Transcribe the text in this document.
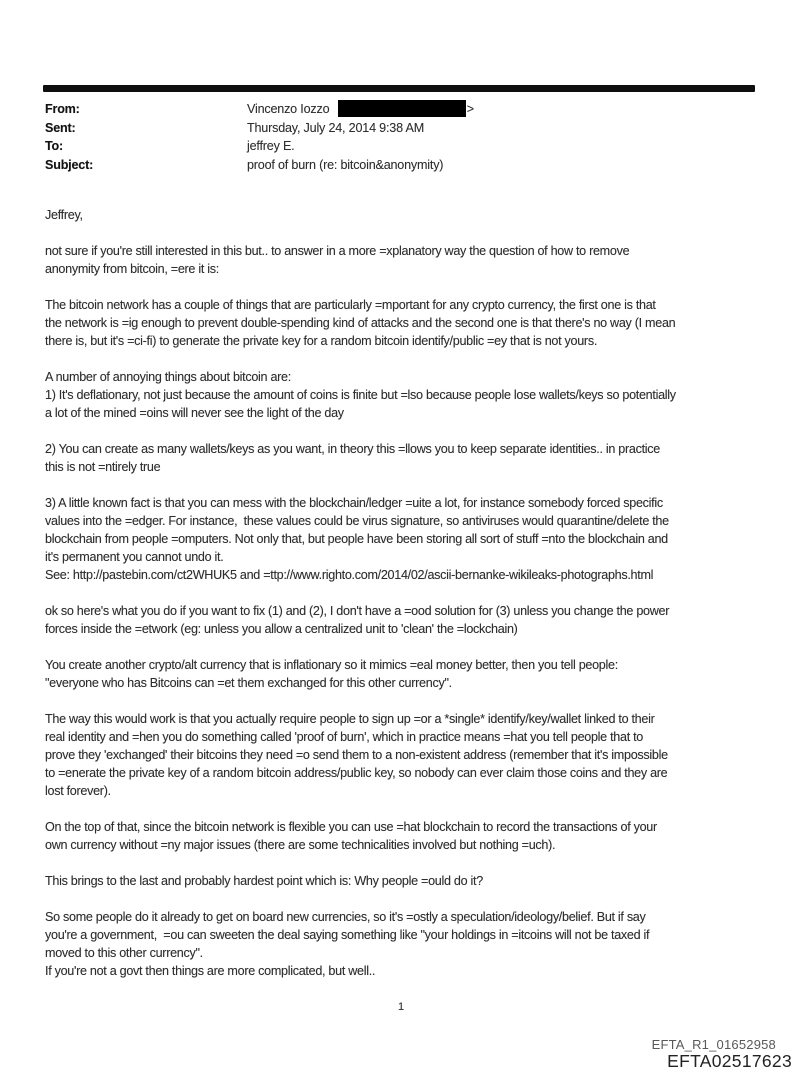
From:	Vincenzo Iozzo	>
Sent:	Thursday, July 24, 2014 9:38 AM
To:	jeffrey E.
Subject:	proof of burn (re: bitcoin&anonymity)
Jeffrey,
not sure if you're still interested in this but.. to answer in a more =xplanatory way the question of how to remove
anonymity from bitcoin, =ere it is:
The bitcoin network has a couple of things that are particularly =mportant for any crypto currency, the first one is that
the network is =ig enough to prevent double-spending kind of attacks and the second one is that there's no way (I mean
there is, but it's =ci-fi) to generate the private key for a random bitcoin identify/public =ey that is not yours.
A number of annoying things about bitcoin are:
1) It's deflationary, not just because the amount of coins is finite but =lso because people lose wallets/keys so potentially
a lot of the mined =oins will never see the light of the day
2) You can create as many wallets/keys as you want, in theory this =llows you to keep separate identities.. in practice
this is not =ntirely true
3) A little known fact is that you can mess with the blockchain/ledger =uite a lot, for instance somebody forced specific
values into the =edger. For instance,  these values could be virus signature, so antiviruses would quarantine/delete the
blockchain from people =omputers. Not only that, but people have been storing all sort of stuff =nto the blockchain and
it's permanent you cannot undo it.
See: http://pastebin.com/ct2WHUK5 and =ttp://www.righto.com/2014/02/ascii-bernanke-wikileaks-photographs.html
ok so here's what you do if you want to fix (1) and (2), I don't have a =ood solution for (3) unless you change the power
forces inside the =etwork (eg: unless you allow a centralized unit to 'clean' the =lockchain)
You create another crypto/alt currency that is inflationary so it mimics =eal money better, then you tell people:
"everyone who has Bitcoins can =et them exchanged for this other currency".
The way this would work is that you actually require people to sign up =or a *single* identify/key/wallet linked to their
real identity and =hen you do something called 'proof of burn', which in practice means =hat you tell people that to
prove they 'exchanged' their bitcoins they need =o send them to a non-existent address (remember that it's impossible
to =enerate the private key of a random bitcoin address/public key, so nobody can ever claim those coins and they are
lost forever).
On the top of that, since the bitcoin network is flexible you can use =hat blockchain to record the transactions of your
own currency without =ny major issues (there are some technicalities involved but nothing =uch).
This brings to the last and probably hardest point which is: Why people =ould do it?
So some people do it already to get on board new currencies, so it's =ostly a speculation/ideology/belief. But if say
you're a government,  =ou can sweeten the deal saying something like "your holdings in =itcoins will not be taxed if
moved to this other currency".
If you're not a govt then things are more complicated, but well..
1
EFTA_R1_01652958
EFTA02517623
